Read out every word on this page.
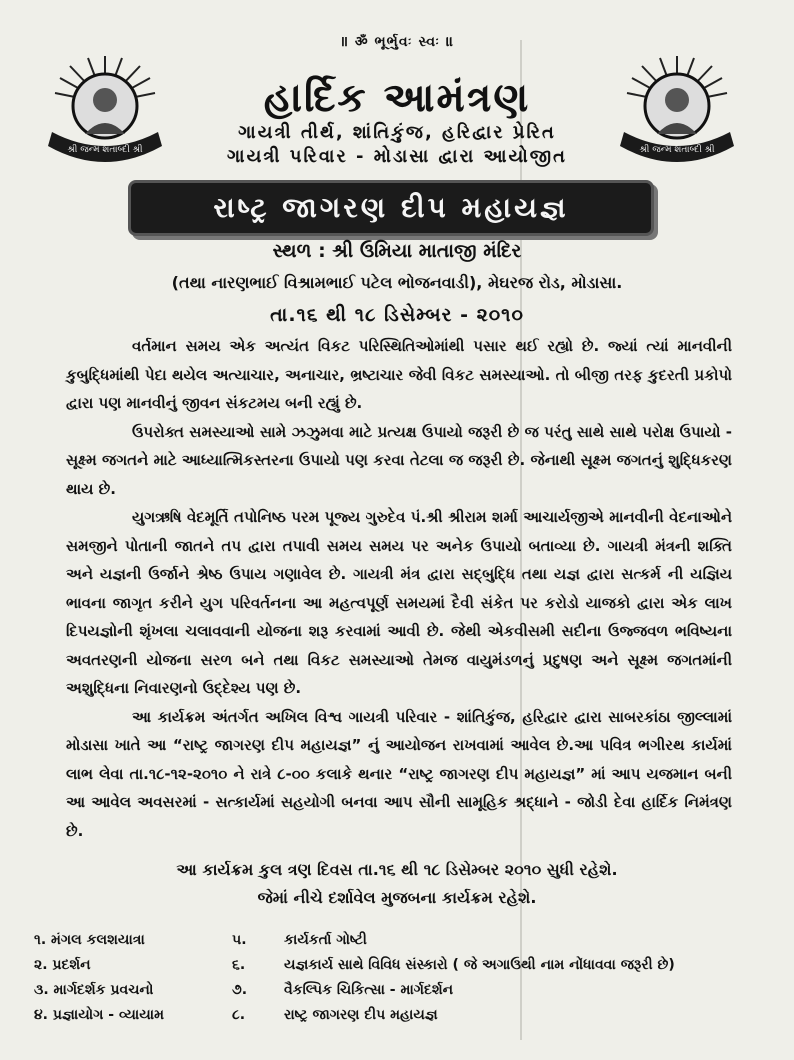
॥ ॐ ભૂર્ભુવઃ સ્વઃ ॥
શ્રી જન્મ શતાબ્દી શ્રી	શ્રી જન્મ શતાબ્દી શ્રી
હાર્દિક આમંત્રણ
ગાયત્રી તીર્થ, શાંતિકુંજ, હરિદ્વાર પ્રેરિત
ગાયત્રી પરિવાર - મોડાસા દ્વારા આયોજીત
રાષ્ટ્ર જાગરણ દીપ મહાયજ્ઞ
સ્થળ : શ્રી ઉમિયા માતાજી મંદિર
(તથા નારણભાઈ વિશ્રામભાઈ પટેલ ભોજનવાડી), મેઘરજ રોડ, મોડાસા.
તા.૧૬ થી ૧૮ ડિસેમ્બર - ૨૦૧૦

વર્તમાન સમય એક અત્યંત વિકટ પરિસ્થિતિઓમાંથી પસાર થઈ રહ્યો છે. જ્યાં ત્યાં માનવીની કુબુદ્ધિમાંથી પેદા થયેલ અત્યાચાર, અનાચાર, ભ્રષ્ટાચાર જેવી વિકટ સમસ્યાઓ. તો બીજી તરફ કુદરતી પ્રકોપો દ્વારા પણ માનવીનું જીવન સંકટમય બની રહ્યું છે.

ઉપરોક્ત સમસ્યાઓ સામે ઝઝુમવા માટે પ્રત્યક્ષ ઉપાયો જરૂરી છે જ પરંતુ સાથે સાથે પરોક્ષ ઉપાયો - સૂક્ષ્મ જગતને માટે આધ્યાત્મિકસ્તરના ઉપાયો પણ કરવા તેટલા જ જરૂરી છે. જેનાથી સૂક્ષ્મ જગતનું શુદ્ધિકરણ થાય છે.

યુગઋષિ વેદમૂર્તિ તપોનિષ્ઠ પરમ પૂજ્ય ગુરુદેવ પં.શ્રી શ્રીરામ શર્મા આચાર્યજીએ માનવીની વેદનાઓને સમજીને પોતાની જાતને તપ દ્વારા તપાવી સમય સમય પર અનેક ઉપાયો બતાવ્યા છે. ગાયત્રી મંત્રની શક્તિ અને યજ્ઞની ઉર્જાને શ્રેષ્ઠ ઉપાય ગણાવેલ છે. ગાયત્રી મંત્ર દ્વારા સદ્બુદ્ધિ તથા યજ્ઞ દ્વારા સત્કર્મ ની યજ્ઞિય ભાવના જાગૃત કરીને યુગ પરિવર્તનના આ મહત્વપૂર્ણ સમયમાં દૈવી સંકેત પર કરોડો યાજકો દ્વારા એક લાખ દિપયજ્ઞોની શૃંખલા ચલાવવાની યોજના શરૂ કરવામાં આવી છે. જેથી એકવીસમી સદીના ઉજ્જવળ ભવિષ્યના અવતરણની યોજના સરળ બને તથા વિકટ સમસ્યાઓ તેમજ વાયુમંડળનું પ્રદુષણ અને સૂક્ષ્મ જગતમાંની અશુદ્ધિના નિવારણનો ઉદ્દેશ્ય પણ છે.

આ કાર્યક્રમ અંતર્ગત અખિલ વિશ્વ ગાયત્રી પરિવાર - શાંતિકુંજ, હરિદ્વાર દ્વારા સાબરકાંઠા જીલ્લામાં મોડાસા ખાતે આ “રાષ્ટ્ર જાગરણ દીપ મહાયજ્ઞ” નું આયોજન રાખવામાં આવેલ છે.આ પવિત્ર ભગીરથ કાર્યમાં લાભ લેવા તા.૧૮-૧૨-૨૦૧૦ ને રાત્રે ૮-૦૦ કલાકે થનાર “રાષ્ટ્ર જાગરણ દીપ મહાયજ્ઞ” માં આપ યજમાન બની આ આવેલ અવસરમાં - સત્કાર્યમાં સહયોગી બનવા આપ સૌની સામૂહિક શ્રદ્ધાને - જોડી દેવા હાર્દિક નિમંત્રણ છે.

આ કાર્યક્રમ કુલ ત્રણ દિવસ તા.૧૬ થી ૧૮ ડિસેમ્બર ૨૦૧૦ સુધી રહેશે.
જેમાં નીચે દર્શાવેલ મુજબના કાર્યક્રમ રહેશે.
૧. મંગલ કલશયાત્રા	૫.	કાર્યકર્તા ગોષ્ટી
૨. પ્રદર્શન	૬.	યજ્ઞકાર્ય સાથે વિવિધ સંસ્કારો ( જે અગાઉથી નામ નોંધાવવા જરૂરી છે)
૩. માર્ગદર્શક પ્રવચનો	૭.	વૈકલ્પિક ચિકિત્સા - માર્ગદર્શન
૪. પ્રજ્ઞાયોગ - વ્યાયામ	૮.	રાષ્ટ્ર જાગરણ દીપ મહાયજ્ઞ
